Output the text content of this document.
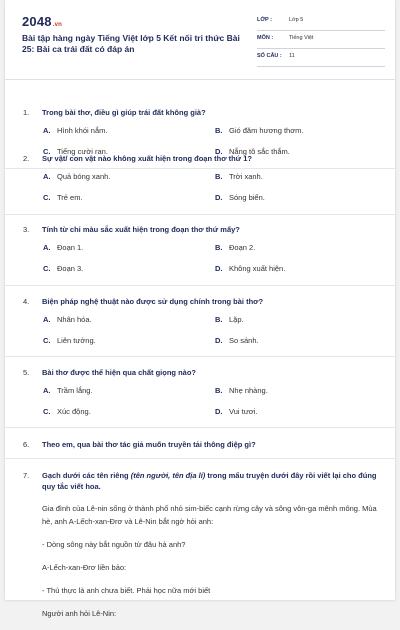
2048.vn
Bài tập hàng ngày Tiếng Việt lớp 5 Kết nối tri thức Bài 25: Bài ca trái đất có đáp án
LỚP :	Lớp 5
MÔN :	Tiếng Việt
SỐ CÂU : 11
1. Trong bài thơ, điều gì giúp trái đất không già?
A. Hình khói nắm.	B. Gió đăm hương thơm.
C. Tiếng cười ran.	D. Nắng tô sắc thắm.
2. Sự vật/ con vật nào không xuất hiện trong đoạn thơ thứ 1?
A. Quả bóng xanh.	B. Trời xanh.
C. Trẻ em.	D. Sóng biển.
3. Tính từ chỉ màu sắc xuất hiện trong đoạn thơ thứ mấy?
A. Đoạn 1.	B. Đoạn 2.
C. Đoạn 3.	D. Không xuất hiện.
4. Biện pháp nghệ thuật nào được sử dụng chính trong bài thơ?
A. Nhân hóa.	B. Lặp.
C. Liên tưởng.	D. So sánh.
5. Bài thơ được thể hiện qua chất giọng nào?
A. Trầm lắng.	B. Nhẹ nhàng.
C. Xúc động.	D. Vui tươi.
6. Theo em, qua bài thơ tác giả muốn truyền tải thông điệp gì?
7. Gạch dưới các tên riêng (tên người, tên địa lí) trong mẩu truyện dưới đây rồi viết lại cho đúng quy tắc viết hoa.

Gia đình của Lê-nin sống ở thành phố nhỏ sim-biếc cạnh rừng cây và sông vôn-ga mênh mông. Mùa hè, anh A-Lếch-xan-Đrơ và Lê-Nin bắt ngờ hỏi anh:

- Dòng sông này bắt nguồn từ đâu hả anh?

A-Lếch-xan-Đrơ liền bảo:

- Thú thực là anh chưa biết. Phải học nữa mới biết

Người anh hỏi Lê-Nin:
